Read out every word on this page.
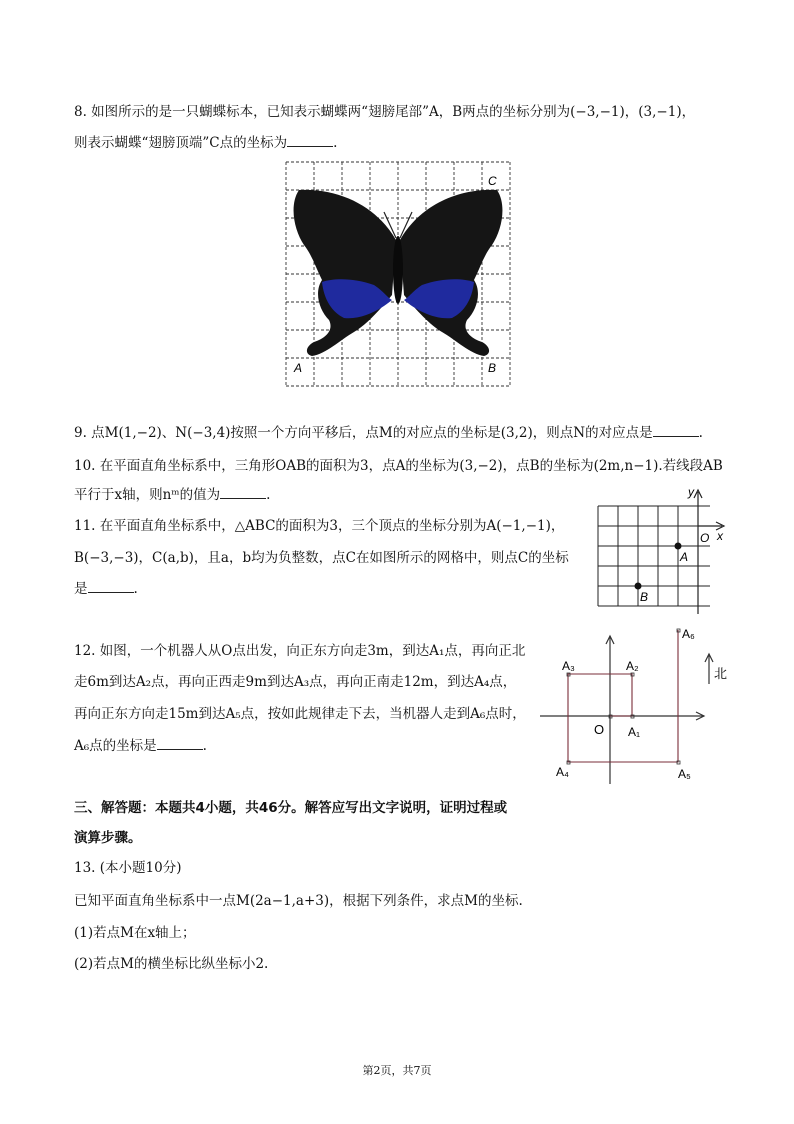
8. 如图所示的是一只蝴蝶标本，已知表示蝴蝶两“翅膀尾部”A，B两点的坐标分别为(−3,−1)，(3,−1)，
则表示蝴蝶“翅膀顶端”C点的坐标为	.
A	B
C
9. 点M(1,−2)、N(−3,4)按照一个方向平移后，点M的对应点的坐标是(3,2)，则点N的对应点是	.
10. 在平面直角坐标系中，三角形OAB的面积为3，点A的坐标为(3,−2)，点B的坐标为(2m,n−1).若线段AB
平行于x轴，则nᵐ的值为	.
11. 在平面直角坐标系中，△ABC的面积为3，三个顶点的坐标分别为A(−1,−1)，
B(−3,−3)，C(a,b)，且a，b均为负整数，点C在如图所示的网格中，则点C的坐标
是	.
y
x
O
A
B
12. 如图，一个机器人从O点出发，向正东方向走3m，到达A₁点，再向正北
走6m到达A₂点，再向正西走9m到达A₃点，再向正南走12m，到达A₄点，
再向正东方向走15m到达A₅点，按如此规律走下去，当机器人走到A₆点时，
A₆点的坐标是	.
O A₁
A₂
A₃
A₄	A₅
A₆
北
三、解答题：本题共4小题，共46分。解答应写出文字说明，证明过程或
演算步骤。
13. (本小题10分)
已知平面直角坐标系中一点M(2a−1,a+3)，根据下列条件，求点M的坐标.
(1)若点M在x轴上；
(2)若点M的横坐标比纵坐标小2.
第2页，共7页
